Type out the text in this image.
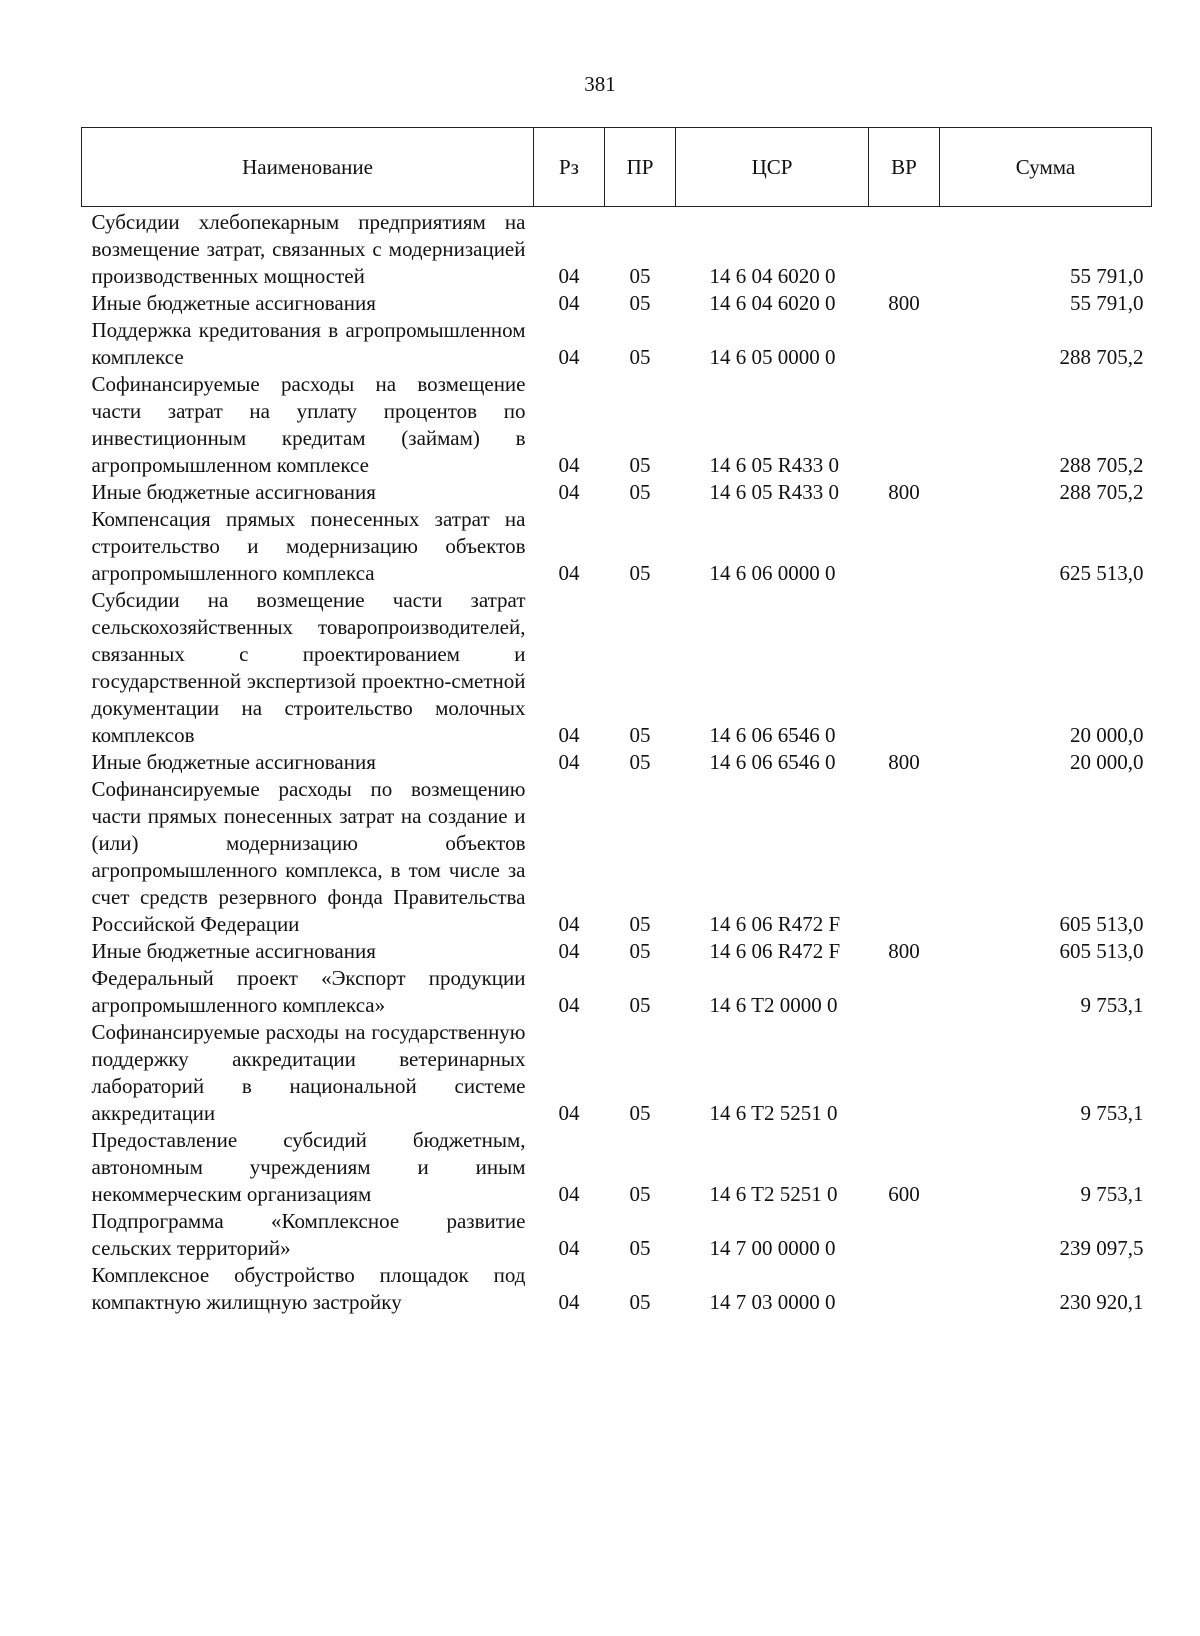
381
Наименование	Рз	ПР	ЦСР	ВР	Сумма
Субсидии хлебопекарным предприятиям на возмещение затрат, связанных с модернизацией производственных мощностей	04	05	14 6 04 6020 0		55 791,0
Иные бюджетные ассигнования	04	05	14 6 04 6020 0	800	55 791,0
Поддержка кредитования в агропромышленном комплексе	04	05	14 6 05 0000 0		288 705,2
Софинансируемые расходы на возмещение части затрат на уплату процентов по инвестиционным кредитам (займам) в агропромышленном комплексе	04	05	14 6 05 R433 0		288 705,2
Иные бюджетные ассигнования	04	05	14 6 05 R433 0	800	288 705,2
Компенсация прямых понесенных затрат на строительство и модернизацию объектов агропромышленного комплекса	04	05	14 6 06 0000 0		625 513,0
Субсидии на возмещение части затрат сельскохозяйственных товаропроизводителей, связанных с проектированием и государственной экспертизой проектно-сметной документации на строительство молочных комплексов	04	05	14 6 06 6546 0		20 000,0
Иные бюджетные ассигнования	04	05	14 6 06 6546 0	800	20 000,0
Софинансируемые расходы по возмещению части прямых понесенных затрат на создание и (или) модернизацию объектов агропромышленного комплекса, в том числе за счет средств резервного фонда Правительства Российской Федерации	04	05	14 6 06 R472 F		605 513,0
Иные бюджетные ассигнования	04	05	14 6 06 R472 F	800	605 513,0
Федеральный проект «Экспорт продукции агропромышленного комплекса»	04	05	14 6 T2 0000 0		9 753,1
Софинансируемые расходы на государственную поддержку аккредитации ветеринарных лабораторий в национальной системе аккредитации	04	05	14 6 T2 5251 0		9 753,1
Предоставление субсидий бюджетным, автономным учреждениям и иным некоммерческим организациям	04	05	14 6 T2 5251 0	600	9 753,1
Подпрограмма «Комплексное развитие сельских территорий»	04	05	14 7 00 0000 0		239 097,5
Комплексное обустройство площадок под компактную жилищную застройку	04	05	14 7 03 0000 0		230 920,1
